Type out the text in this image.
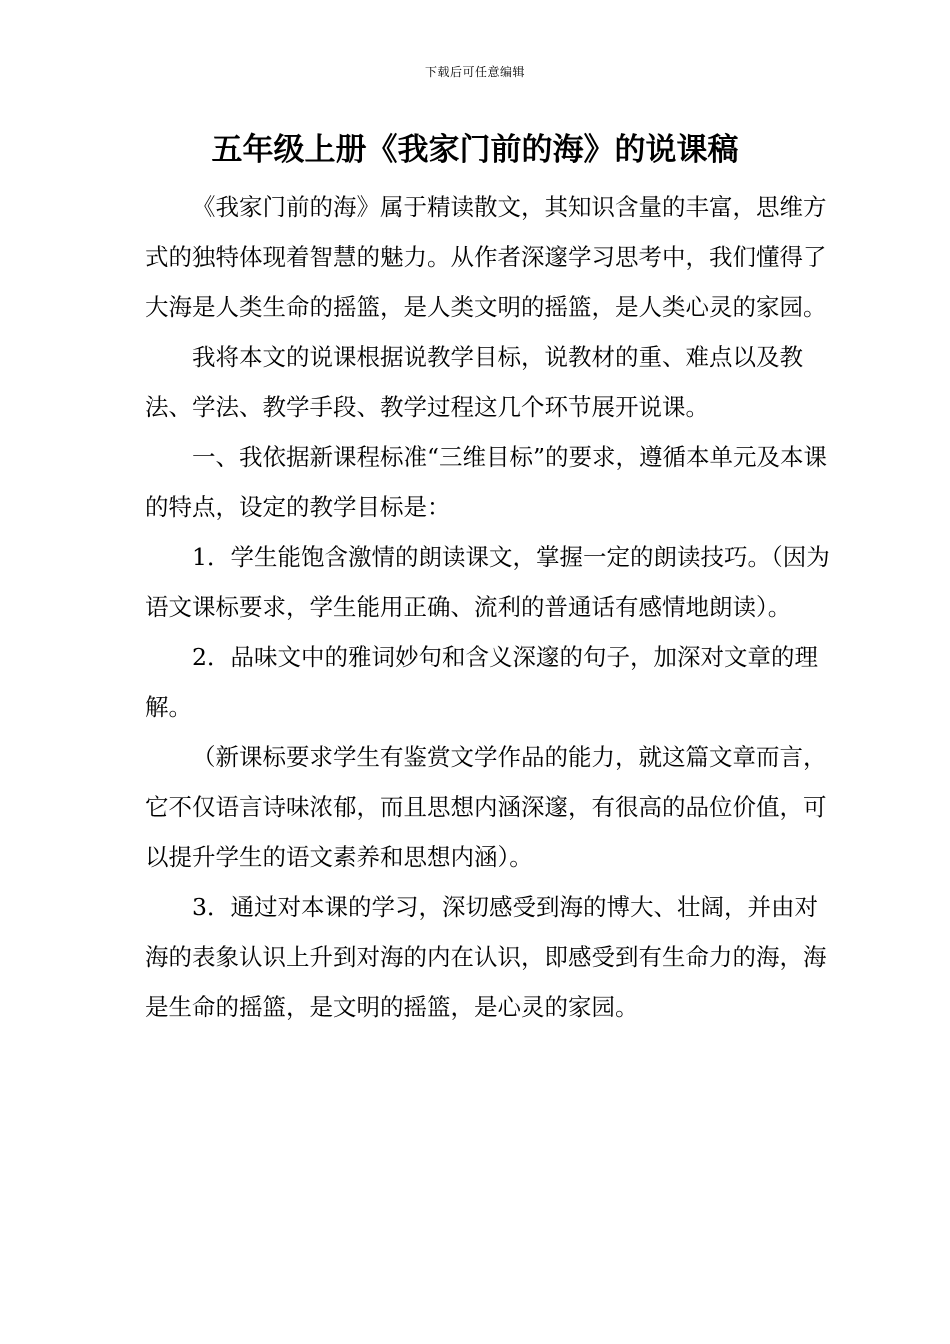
下载后可任意编辑
五年级上册《我家门前的海》的说课稿

《我家门前的海》属于精读散文，其知识含量的丰富，思维方式的独特体现着智慧的魅力。从作者深邃学习思考中，我们懂得了大海是人类生命的摇篮，是人类文明的摇篮，是人类心灵的家园。

我将本文的说课根据说教学目标，说教材的重、难点以及教法、学法、教学手段、教学过程这几个环节展开说课。

一、我依据新课程标准“三维目标”的要求，遵循本单元及本课的特点，设定的教学目标是：

1．学生能饱含激情的朗读课文，掌握一定的朗读技巧。（因为语文课标要求，学生能用正确、流利的普通话有感情地朗读）。

2．品味文中的雅词妙句和含义深邃的句子，加深对文章的理解。

（新课标要求学生有鉴赏文学作品的能力，就这篇文章而言，它不仅语言诗味浓郁，而且思想内涵深邃，有很高的品位价值，可以提升学生的语文素养和思想内涵）。

3．通过对本课的学习，深切感受到海的博大、壮阔，并由对海的表象认识上升到对海的内在认识，即感受到有生命力的海，海是生命的摇篮，是文明的摇篮，是心灵的家园。
